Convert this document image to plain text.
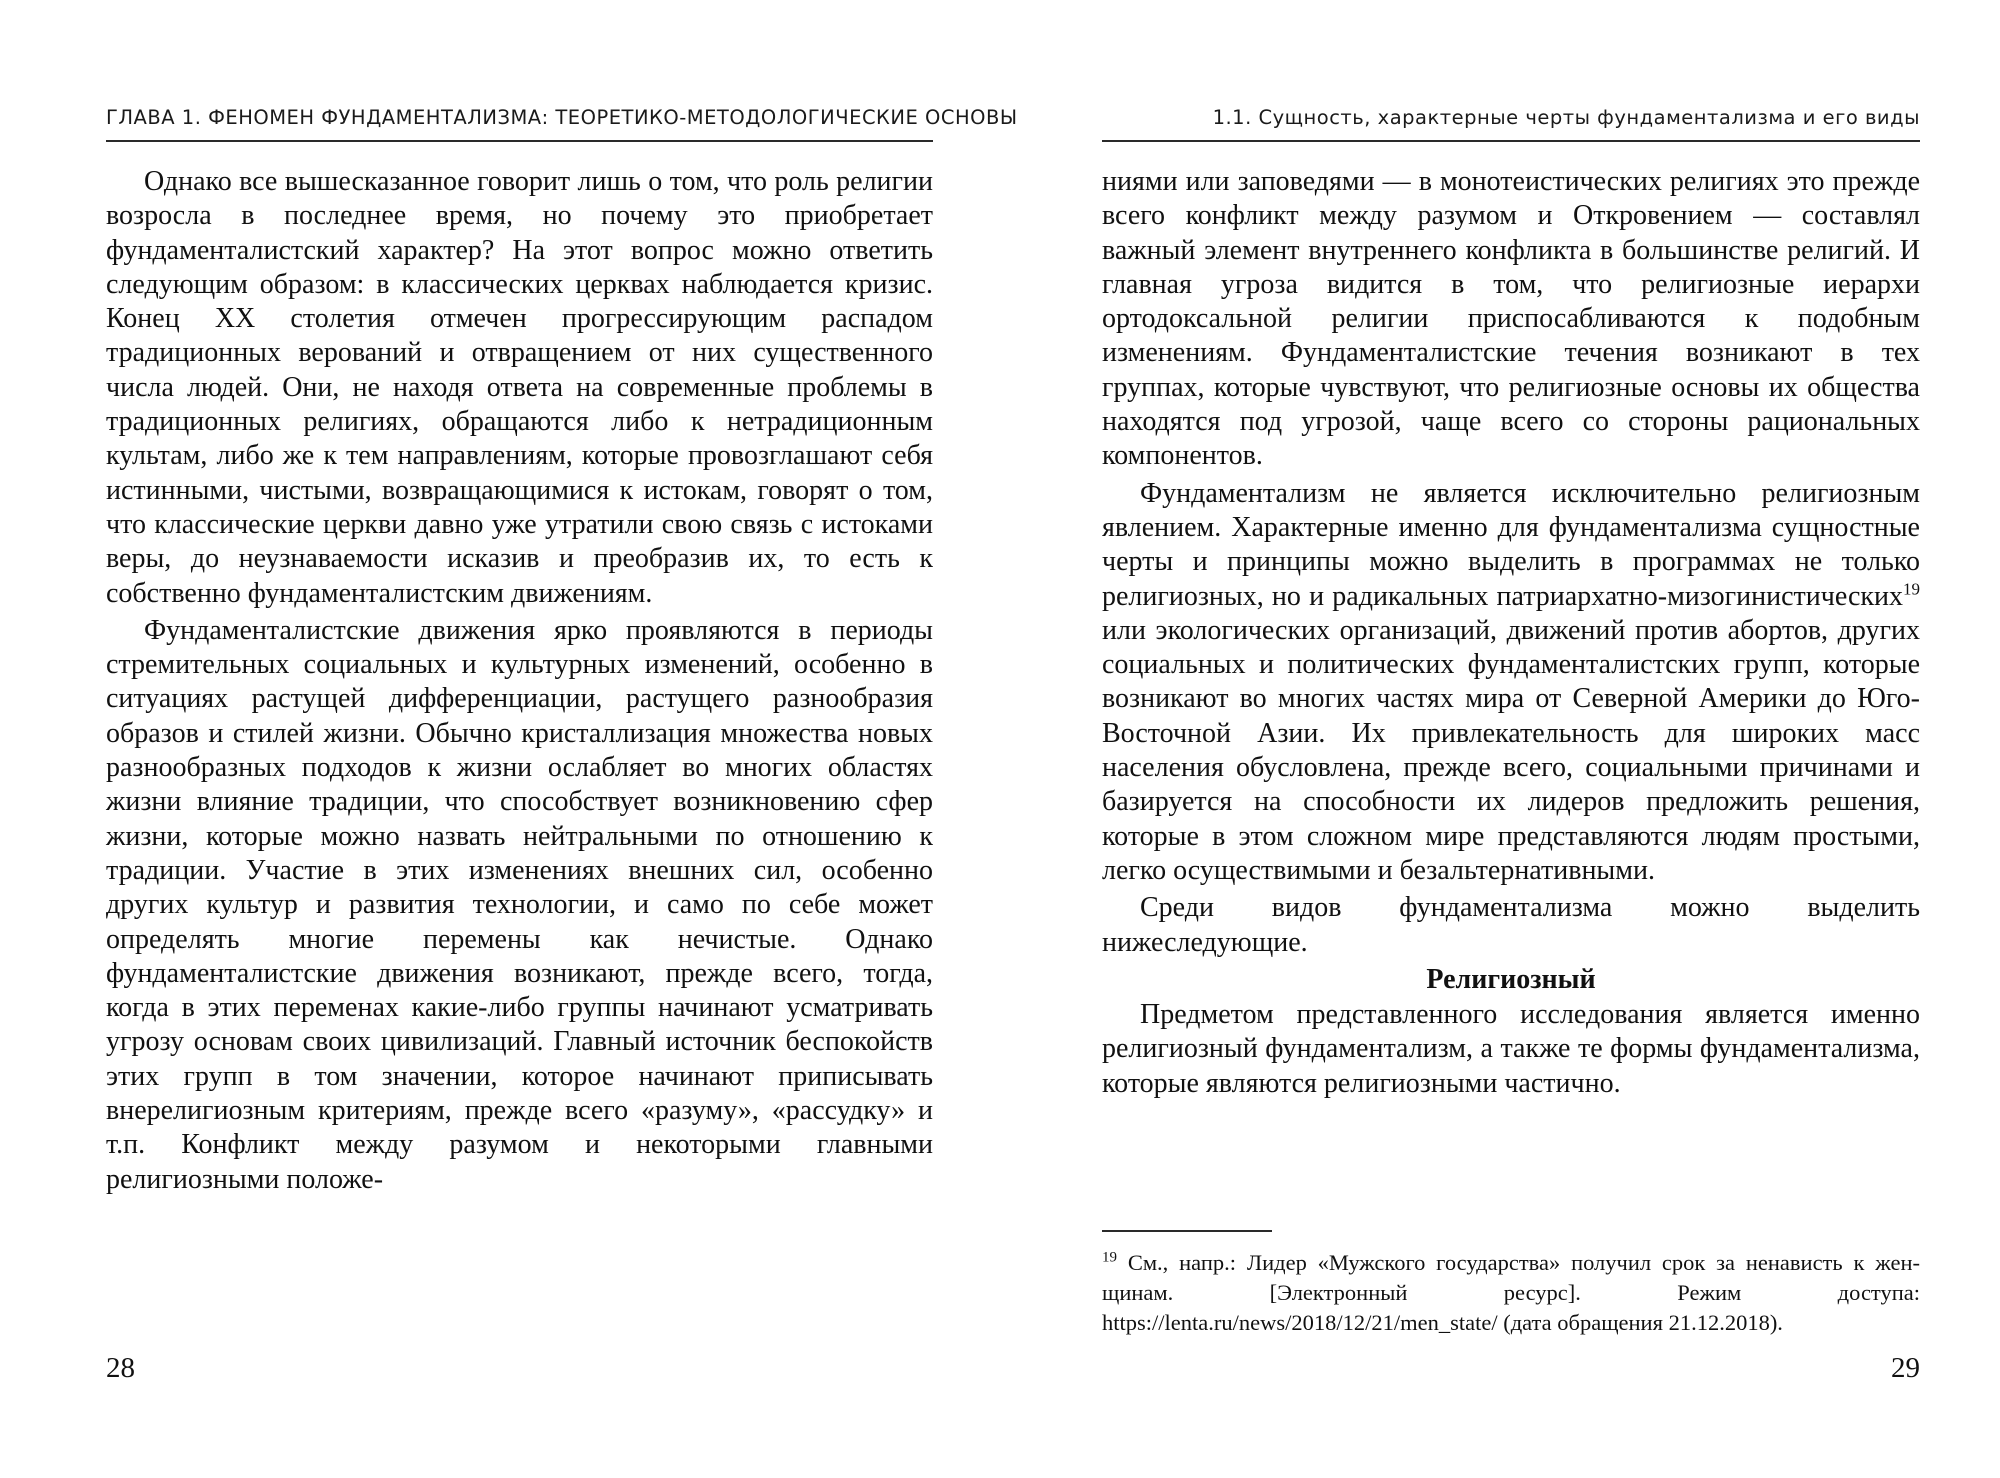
ГЛАВА 1. ФЕНОМЕН ФУНДАМЕНТАЛИЗМА: ТЕОРЕТИКО-МЕТОДОЛОГИЧЕСКИЕ ОСНОВЫ

Однако все вышесказанное говорит лишь о том, что роль религии возросла в последнее время, но почему это приобретает фундаменталистский характер? На этот вопрос можно ответить следующим образом: в классических церквах наблюдается кризис. Конец XX столетия отмечен прогрессирующим распадом традиционных верований и отвращением от них существенного числа людей. Они, не находя ответа на современные проблемы в традиционных религиях, обращаются либо к нетрадиционным культам, либо же к тем направлениям, которые провозглашают себя истинными, чистыми, возвращающимися к истокам, говорят о том, что классические церкви давно уже утратили свою связь с истоками веры, до неузнаваемости исказив и преобразив их, то есть к собственно фундаменталистским движениям.

Фундаменталистские движения ярко проявляются в периоды стремительных социальных и культурных изменений, особенно в ситуациях растущей дифференциации, растущего разнообразия образов и стилей жизни. Обычно кристаллизация множества новых разнообразных подходов к жизни ослабляет во многих областях жизни влияние традиции, что способствует возникновению сфер жизни, которые можно назвать нейтральными по отношению к традиции. Участие в этих изменениях внешних сил, особенно других культур и развития технологии, и само по себе может определять многие перемены как нечистые. Однако фундаменталистские движения возникают, прежде всего, тогда, когда в этих переменах какие-либо группы начинают усматривать угрозу основам своих цивилизаций. Главный источник беспокойств этих групп в том значении, которое начинают приписывать внерелигиозным критериям, прежде всего «разуму», «рассудку» и т.п. Конфликт между разумом и некоторыми главными религиозными положе-

28
1.1. Сущность, характерные черты фундаментализма и его виды

ниями или заповедями — в монотеистических религиях это прежде всего конфликт между разумом и Откровением — составлял важный элемент внутреннего конфликта в большинстве религий. И главная угроза видится в том, что религиозные иерархи ортодоксальной религии приспосабливаются к подобным изменениям. Фундаменталистские течения возникают в тех группах, которые чувствуют, что религиозные основы их общества находятся под угрозой, чаще всего со стороны рациональных компонентов.

Фундаментализм не является исключительно религиозным явлением. Характерные именно для фундаментализма сущностные черты и принципы можно выделить в программах не только религиозных, но и радикальных патриархатно-мизогинистических$^{19}$ или экологических организаций, движений против абортов, других социальных и политических фундаменталистских групп, которые возникают во многих частях мира от Северной Америки до Юго-Восточной Азии. Их привлекательность для широких масс населения обусловлена, прежде всего, социальными причинами и базируется на способности их лидеров предложить решения, которые в этом сложном мире представляются людям простыми, легко осуществимыми и безальтернативными.

Среди видов фундаментализма можно выделить нижеследующие.

Религиозный

Предметом представленного исследования является именно религиозный фундаментализм, а также те формы фундаментализма, которые являются религиозными частично.

$^{19}$ См., напр.: Лидер «Мужского государства» получил срок за ненависть к женщинам. [Электронный ресурс]. Режим доступа: https://lenta.ru/news/2018/12/21/men_state/ (дата обращения 21.12.2018).
29
